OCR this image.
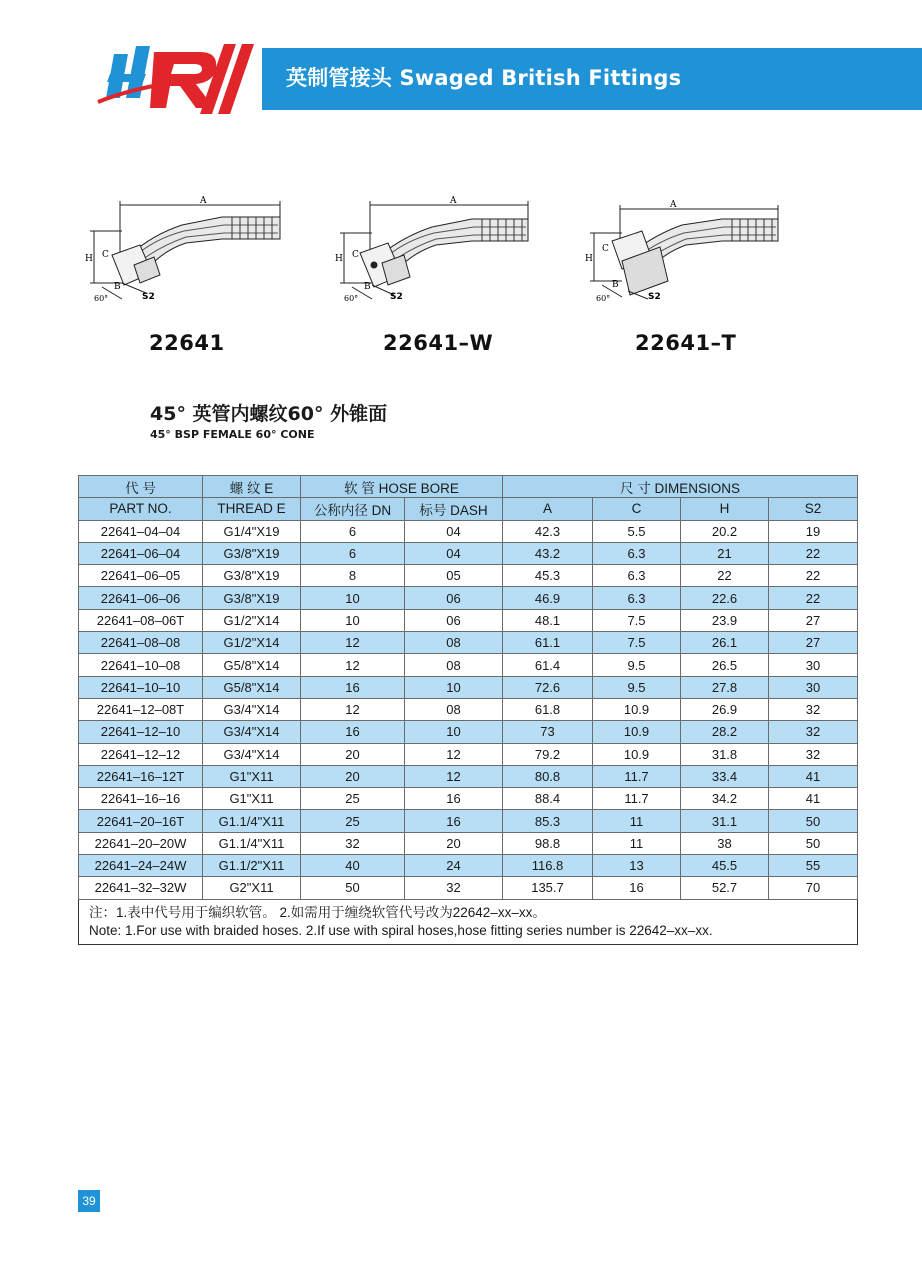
英制管接头 Swaged British Fittings
A
H C
B
S2
60°
A
H C
B
S2
60°
A
H
C
B
S2
60°
22641	22641–W	22641–T
45° 英管内螺纹60° 外锥面
45° BSP FEMALE 60° CONE
代 号	螺 纹 E	软 管 HOSE BORE		尺 寸 DIMENSIONS			
PART NO.	THREAD E	公称内径 DN	标号 DASH	A	C	H	S2
22641–04–04	G1/4"X19	6	04	42.3	5.5	20.2	19
22641–06–04	G3/8"X19	6	04	43.2	6.3	21	22
22641–06–05	G3/8"X19	8	05	45.3	6.3	22	22
22641–06–06	G3/8"X19	10	06	46.9	6.3	22.6	22
22641–08–06T	G1/2"X14	10	06	48.1	7.5	23.9	27
22641–08–08	G1/2"X14	12	08	61.1	7.5	26.1	27
22641–10–08	G5/8"X14	12	08	61.4	9.5	26.5	30
22641–10–10	G5/8"X14	16	10	72.6	9.5	27.8	30
22641–12–08T	G3/4"X14	12	08	61.8	10.9	26.9	32
22641–12–10	G3/4"X14	16	10	73	10.9	28.2	32
22641–12–12	G3/4"X14	20	12	79.2	10.9	31.8	32
22641–16–12T	G1"X11	20	12	80.8	11.7	33.4	41
22641–16–16	G1"X11	25	16	88.4	11.7	34.2	41
22641–20–16T	G1.1/4"X11	25	16	85.3	11	31.1	50
22641–20–20W	G1.1/4"X11	32	20	98.8	11	38	50
22641–24–24W	G1.1/2"X11	40	24	116.8	13	45.5	55
22641–32–32W	G2"X11	50	32	135.7	16	52.7	70

注：1.表中代号用于编织软管。 2.如需用于缠绕软管代号改为22642–xx–xx。
Note: 1.For use with braided hoses. 2.If use with spiral hoses,hose fitting series number is 22642–xx–xx.							
39
